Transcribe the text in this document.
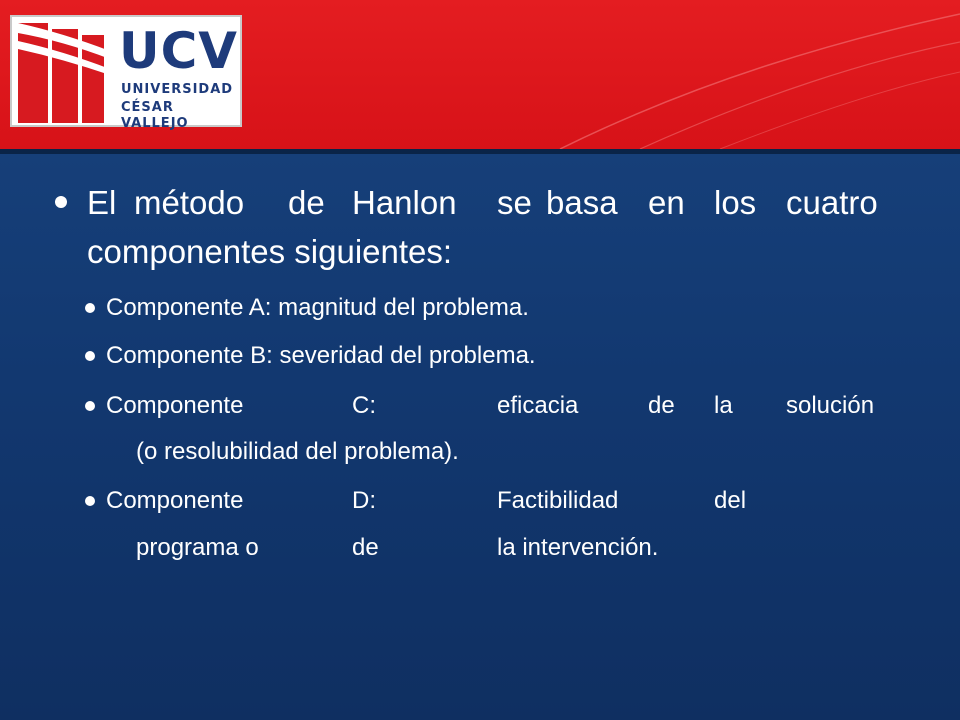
UCV
UNIVERSIDAD
CÉSAR VALLEJO
El método de Hanlon se basa en los cuatro
componentes siguientes:
Componente A: magnitud del problema.
Componente B: severidad del problema.
Componente	C:	eficacia	de la solución
(o resolubilidad del problema).
Componente	D:	Factibilidad	del
programa o	de	la intervención.
